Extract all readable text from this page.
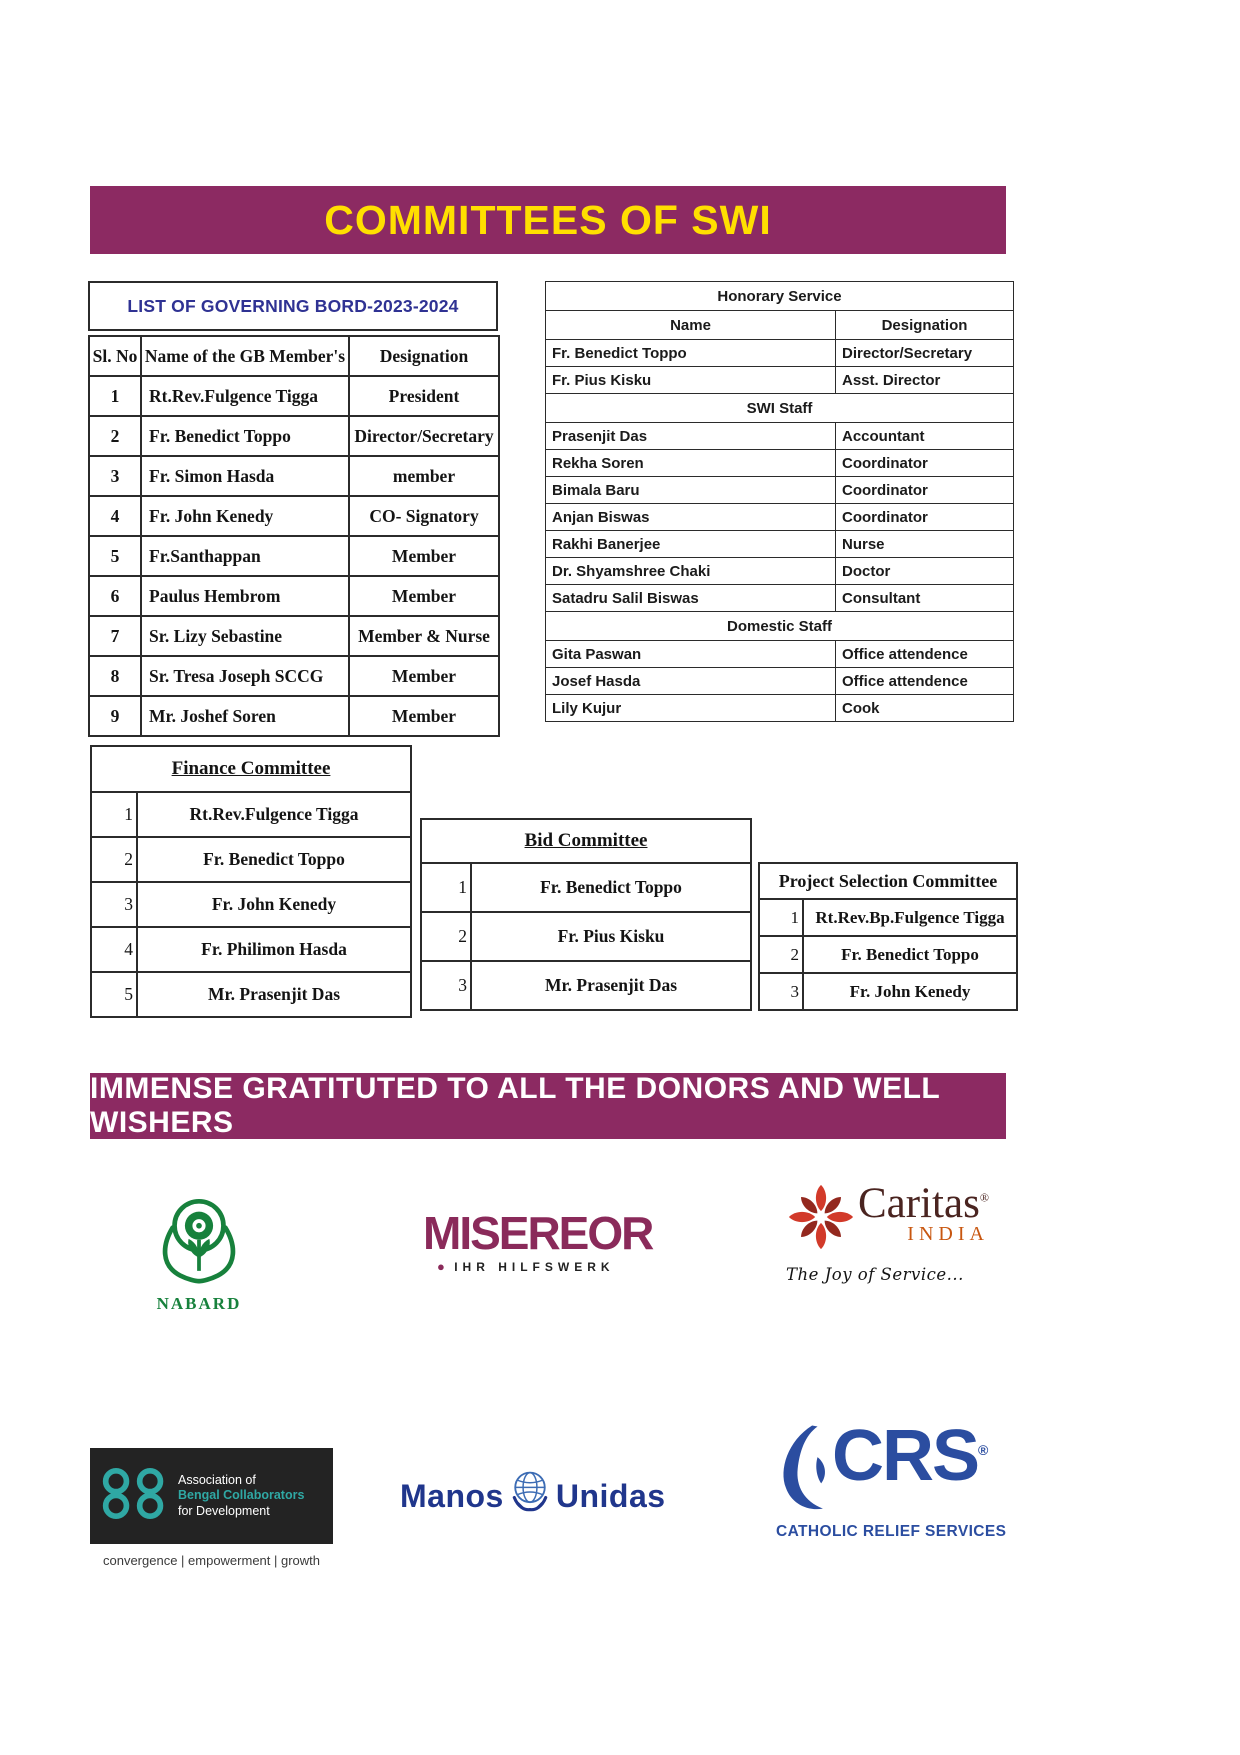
COMMITTEES OF SWI
LIST OF GOVERNING BORD-2023-2024
Sl. No	Name of the GB Member's	Designation
1	Rt.Rev.Fulgence Tigga	President
2	Fr. Benedict Toppo	Director/Secretary
3	Fr. Simon Hasda	member
4	Fr. John Kenedy	CO- Signatory
5	Fr.Santhappan	Member
6	Paulus Hembrom	Member
7	Sr. Lizy Sebastine	Member & Nurse
8	Sr. Tresa Joseph SCCG	Member
9	Mr. Joshef Soren	Member
Honorary Service	
Name	Designation
Fr. Benedict Toppo	Director/Secretary
Fr. Pius Kisku	Asst. Director
SWI Staff	
Prasenjit Das	Accountant
Rekha Soren	Coordinator
Bimala Baru	Coordinator
Anjan Biswas	Coordinator
Rakhi Banerjee	Nurse
Dr. Shyamshree Chaki	Doctor
Satadru Salil Biswas	Consultant
Domestic Staff	
Gita Paswan	Office attendence
Josef Hasda	Office attendence
Lily Kujur	Cook
Finance Committee	
1	Rt.Rev.Fulgence Tigga
2	Fr. Benedict Toppo
3	Fr. John Kenedy
4	Fr. Philimon Hasda
5	Mr. Prasenjit Das
Bid Committee	
1	Fr. Benedict Toppo
2	Fr. Pius Kisku
3	Mr. Prasenjit Das
Project Selection Committee	
1	Rt.Rev.Bp.Fulgence Tigga
2	Fr. Benedict Toppo
3	Fr. John Kenedy
IMMENSE GRATITUTED TO ALL THE DONORS AND WELL WISHERS
NABARD
MISEREOR
● IHR HILFSWERK
Caritas®
INDIA
The Joy of Service...
Association of
Bengal Collaborators
for Development
convergence | empowerment | growth
Manos Unidas CRS®
CATHOLIC RELIEF SERVICES
